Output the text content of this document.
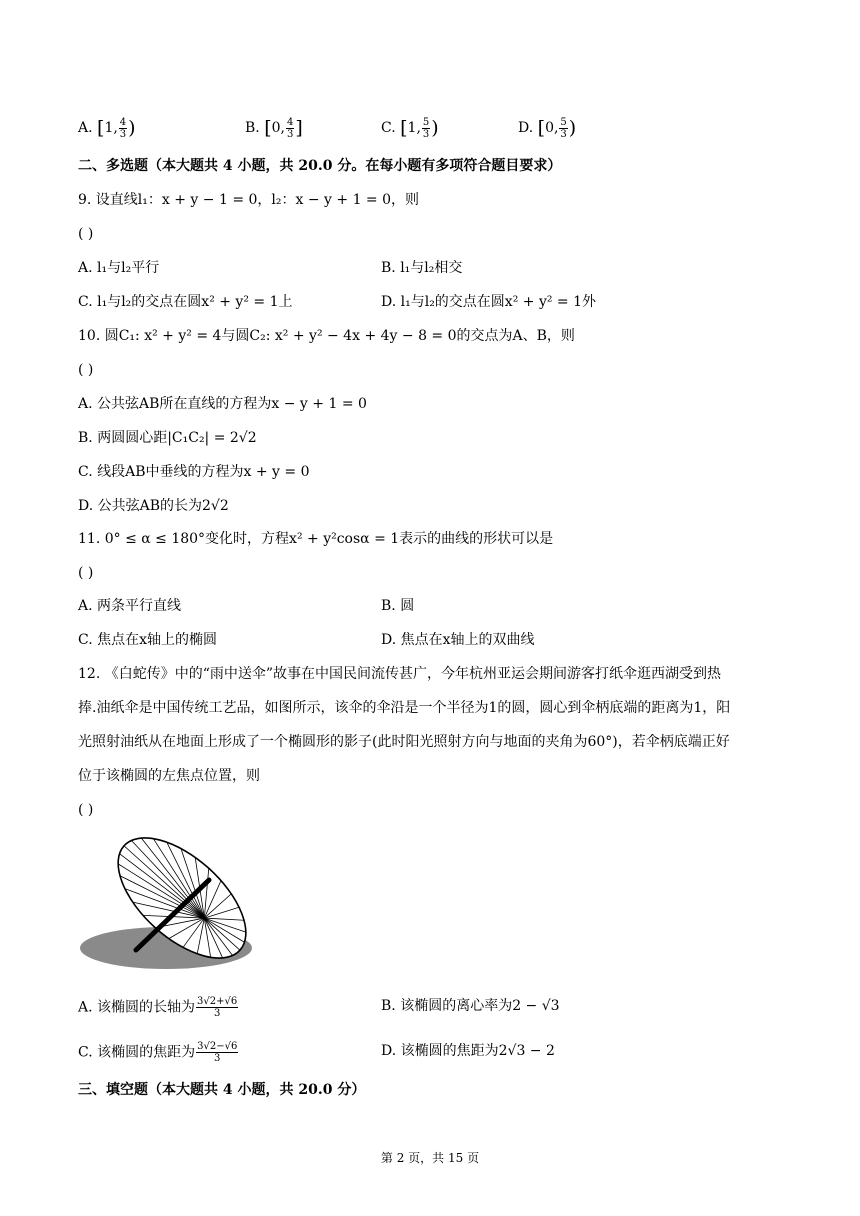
A. [1, $\frac{4}{3}$ )	B. [0, $\frac{4}{3}$ ]	C. [1, $\frac{5}{3}$ )	D. [0, $\frac{5}{3}$ )
二、多选题（本大题共 4 小题，共 20.0 分。在每小题有多项符合题目要求）
9. 设直线l₁：x + y − 1 = 0，l₂：x − y + 1 = 0，则
( )
A. l₁与l₂平行	B. l₁与l₂相交
C. l₁与l₂的交点在圆x² + y² = 1上	D. l₁与l₂的交点在圆x² + y² = 1外
10. 圆C₁: x² + y² = 4与圆C₂: x² + y² − 4x + 4y − 8 = 0的交点为A、B，则
( )
A. 公共弦AB所在直线的方程为x − y + 1 = 0
B. 两圆圆心距|C₁C₂| = 2√2
C. 线段AB中垂线的方程为x + y = 0
D. 公共弦AB的长为2√2
11. 0° ≤ α ≤ 180°变化时，方程x² + y²cosα = 1表示的曲线的形状可以是
( )
A. 两条平行直线	B. 圆
C. 焦点在x轴上的椭圆	D. 焦点在x轴上的双曲线
12. 《白蛇传》中的“雨中送伞”故事在中国民间流传甚广，今年杭州亚运会期间游客打纸伞逛西湖受到热
捧.油纸伞是中国传统工艺品，如图所示，该伞的伞沿是一个半径为1的圆，圆心到伞柄底端的距离为1，阳
光照射油纸从在地面上形成了一个椭圆形的影子(此时阳光照射方向与地面的夹角为60°)，若伞柄底端正好
位于该椭圆的左焦点位置，则
( )
A. 该椭圆的长轴为 $\frac{3√2+√6}{3}$	B. 该椭圆的离心率为2 − √3
C. 该椭圆的焦距为 $\frac{3√2-√6}{3}$	D. 该椭圆的焦距为2√3 − 2
三、填空题（本大题共 4 小题，共 20.0 分）
第 2 页，共 15 页
